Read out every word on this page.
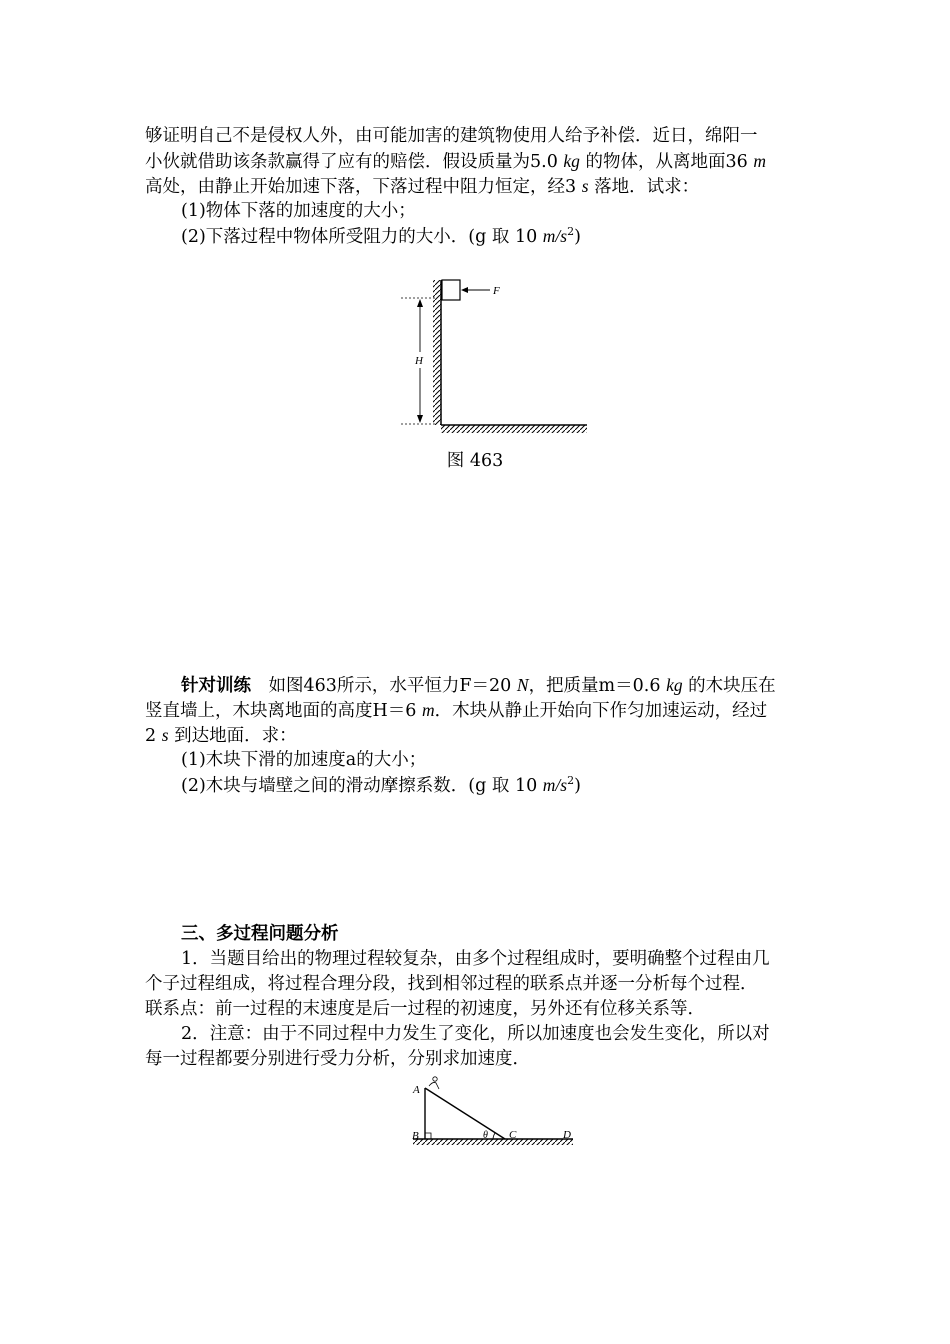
够证明自己不是侵权人外，由可能加害的建筑物使用人给予补偿．近日，绵阳一
小伙就借助该条款赢得了应有的赔偿．假设质量为5.0 kg 的物体，从离地面36 m
高处，由静止开始加速下落，下落过程中阻力恒定，经3 s 落地．试求：
(1)物体下落的加速度的大小；
(2)下落过程中物体所受阻力的大小．(g 取 10 $m/s^2$)
F
H
图 463
针对训练　如图463所示，水平恒力F＝20 N，把质量m＝0.6 kg 的木块压在
竖直墙上，木块离地面的高度H＝6 m．木块从静止开始向下作匀加速运动，经过
2 s 到达地面．求：
(1)木块下滑的加速度a的大小；
(2)木块与墙壁之间的滑动摩擦系数．(g 取 10 $m/s^2$)
三、多过程问题分析
1．当题目给出的物理过程较复杂，由多个过程组成时，要明确整个过程由几
个子过程组成，将过程合理分段，找到相邻过程的联系点并逐一分析每个过程．
联系点：前一过程的末速度是后一过程的初速度，另外还有位移关系等．
2．注意：由于不同过程中力发生了变化，所以加速度也会发生变化，所以对
每一过程都要分别进行受力分析，分别求加速度．
A
B	θ C	D
